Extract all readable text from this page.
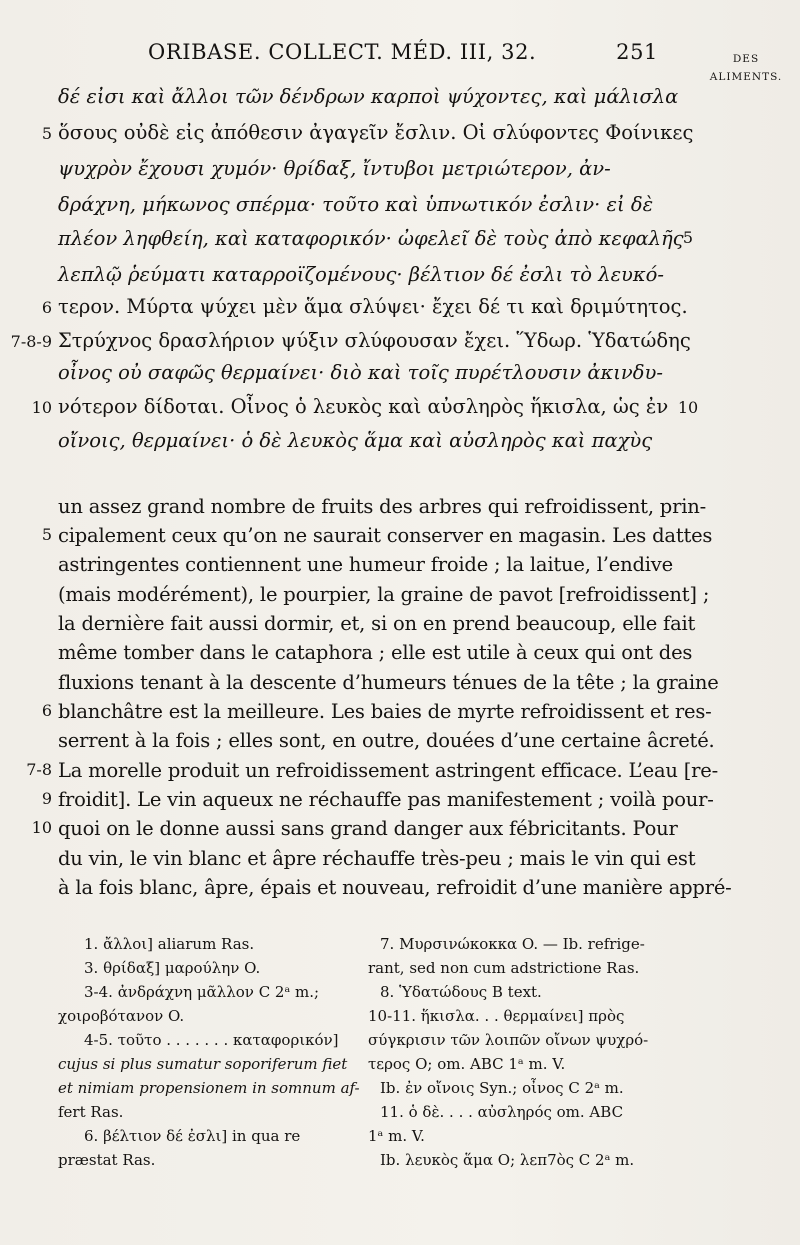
ORIBASE. COLLECT. MÉD. III, 32.	251	DES
ALIMENTS.
δέ εἰσι καὶ ἄλλοι τῶν δένδρων καρποὶ ψύχοντες, καὶ μάλισλα
ὅσους οὐδὲ εἰς ἀπόθεσιν ἀγαγεῖν ἔσλιν. Οἱ σλύφοντες Φοίνικες
ψυχρὸν ἔχουσι χυμόν· θρίδαξ, ἴντυβοι μετριώτερον, ἀν-
δράχνη, μήκωνος σπέρμα· τοῦτο καὶ ὑπνωτικόν ἐσλιν· εἰ δὲ
πλέον ληφθείη, καὶ καταφορικόν· ὠφελεῖ δὲ τοὺς ἀπὸ κεφαλῆς
λεπλῷ ῥεύματι καταρροϊζομένους· βέλτιον δέ ἐσλι τὸ λευκό-
τερον. Μύρτα ψύχει μὲν ἅμα σλύψει· ἔχει δέ τι καὶ δριμύτητος.
Στρύχνος δρασλήριον ψύξιν σλύφουσαν ἔχει. Ὕδωρ. Ὑδατώδης
οἶνος οὐ σαφῶς θερμαίνει· διὸ καὶ τοῖς πυρέτλουσιν ἀκινδυ-
νότερον δίδοται. Οἶνος ὁ λευκὸς καὶ αὐσληρὸς ἥκισλα, ὡς ἐν
οἴνοις, θερμαίνει· ὁ δὲ λευκὸς ἅμα καὶ αὐσληρὸς καὶ παχὺς
5
6
7-8-9
10
5
10
un assez grand nombre de fruits des arbres qui refroidissent, prin-
cipalement ceux qu’on ne saurait conserver en magasin. Les dattes
astringentes contiennent une humeur froide ; la laitue, l’endive
(mais modérément), le pourpier, la graine de pavot [refroidissent] ;
la dernière fait aussi dormir, et, si on en prend beaucoup, elle fait
même tomber dans le cataphora ; elle est utile à ceux qui ont des
fluxions tenant à la descente d’humeurs ténues de la tête ; la graine
blanchâtre est la meilleure. Les baies de myrte refroidissent et res-
serrent à la fois ; elles sont, en outre, douées d’une certaine âcreté.
La morelle produit un refroidissement astringent efficace. L’eau [re-
froidit]. Le vin aqueux ne réchauffe pas manifestement ; voilà pour-
quoi on le donne aussi sans grand danger aux fébricitants. Pour
du vin, le vin blanc et âpre réchauffe très-peu ; mais le vin qui est
à la fois blanc, âpre, épais et nouveau, refroidit d’une manière appré-
5
6
7-8
9
10
1. ἄλλοι] aliarum Ras.
3. θρίδαξ] μαρούλην O.
3-4. ἀνδράχνη μᾶλλον C 2ᵃ m.;
χοιροβότανον O.
4-5. τοῦτο . . . . . . . καταφορικόν]
cujus si plus sumatur soporiferum fiet
et nimiam propensionem in somnum af-
fert Ras.
6. βέλτιον δέ ἐσλι] in qua re
præstat Ras.
7. Μυρσινώκοκκα O. — Ib. refrige-
rant, sed non cum adstrictione Ras.
8. Ὑδατώδους B text.
10-11. ἥκισλα. . . θερμαίνει] πρὸς
σύγκρισιν τῶν λοιπῶν οἴνων ψυχρό-
τερος O; om. ABC 1ᵃ m. V.
Ib. ἐν οἴνοις Syn.; οἶνος C 2ᵃ m.
11. ὁ δὲ. . . . αὐσληρός om. ABC
1ᵃ m. V.
Ib. λευκὸς ἅμα O; λεπ7ὸς C 2ᵃ m.
